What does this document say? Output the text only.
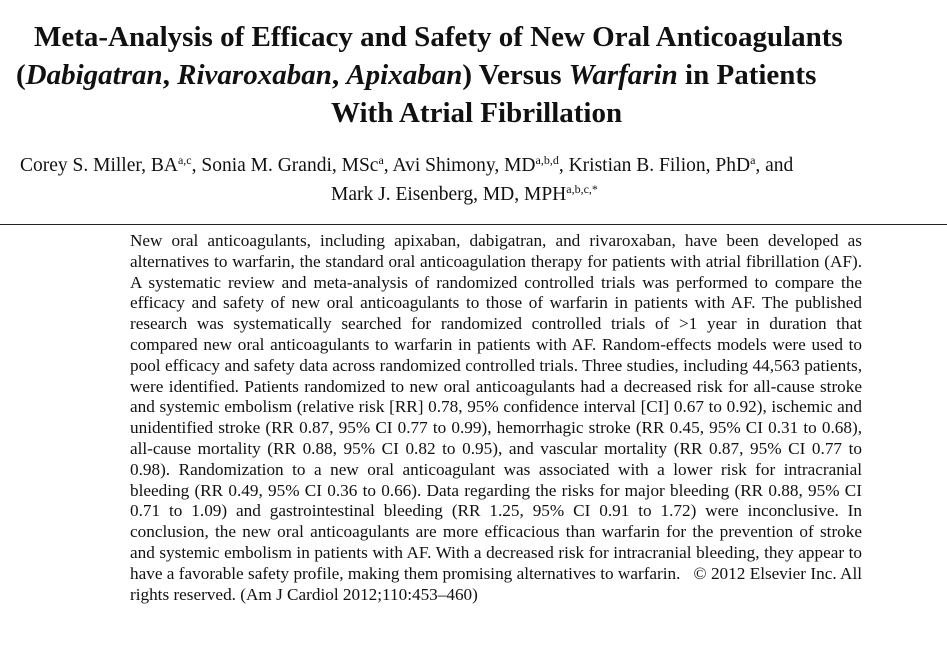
Meta-Analysis of Efficacy and Safety of New Oral Anticoagulants
(Dabigatran, Rivaroxaban, Apixaban) Versus Warfarin in Patients
With Atrial Fibrillation
Corey S. Miller, BA$^{a,c}$, Sonia M. Grandi, MSc$^a$, Avi Shimony, MD$^{a,b,d}$, Kristian B. Filion, PhD$^a$, and
Mark J. Eisenberg, MD, $MPH^{a,b,c,*}$

New oral anticoagulants, including apixaban, dabigatran, and rivaroxaban, have been developed as alternatives to warfarin, the standard oral anticoagulation therapy for patients with atrial fibrillation (AF). A systematic review and meta-analysis of randomized controlled trials was performed to compare the efficacy and safety of new oral anticoagulants to those of warfarin in patients with AF. The published research was systematically searched for randomized controlled trials of >1 year in duration that compared new oral anticoagulants to warfarin in patients with AF. Random-effects models were used to pool efficacy and safety data across randomized controlled trials. Three studies, including 44,563 patients, were identified. Patients randomized to new oral anticoagulants had a decreased risk for all-cause stroke and systemic embolism (relative risk [RR] 0.78, 95% confidence interval [CI] 0.67 to 0.92), ischemic and unidentified stroke (RR 0.87, 95% CI 0.77 to 0.99), hemorrhagic stroke (RR 0.45, 95% CI 0.31 to 0.68), all-cause mortality (RR 0.88, 95% CI 0.82 to 0.95), and vascular mortality (RR 0.87, 95% CI 0.77 to 0.98). Randomization to a new oral anticoagulant was associated with a lower risk for intracranial bleeding (RR 0.49, 95% CI 0.36 to 0.66). Data regarding the risks for major bleeding (RR 0.88, 95% CI 0.71 to 1.09) and gastrointestinal bleeding (RR 1.25, 95% CI 0.91 to 1.72) were inconclusive. In conclusion, the new oral anticoagulants are more efficacious than warfarin for the prevention of stroke and systemic embolism in patients with AF. With a decreased risk for intracranial bleeding, they appear to have a favorable safety profile, making them promising alternatives to warfarin. © 2012 Elsevier Inc. All rights reserved. (Am J Cardiol 2012;110:453–460)
